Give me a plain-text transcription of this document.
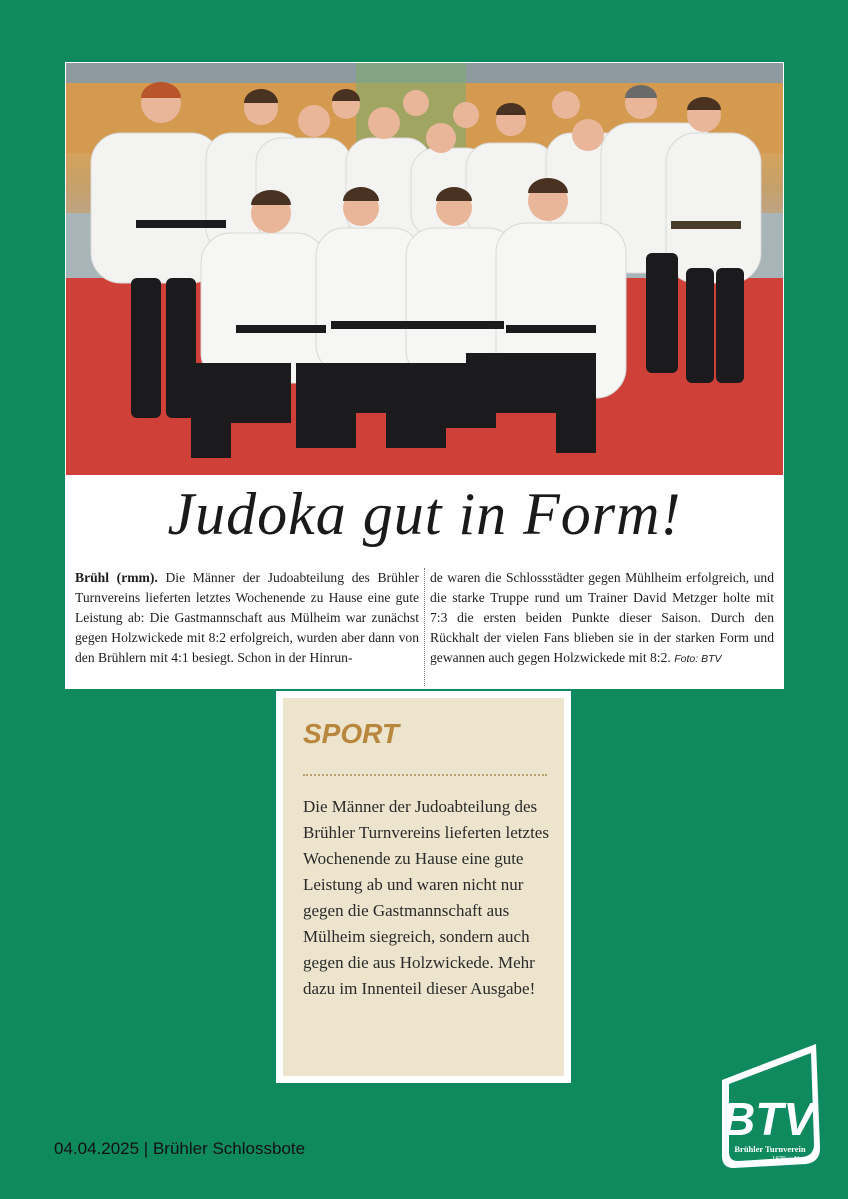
Judoka gut in Form!
Brühl (rmm). Die Männer der Judoabteilung des Brühler Turnvereins lieferten letztes Wochenende zu Hause eine gute Leistung ab: Die Gastmannschaft aus Mülheim war zunächst gegen Holzwickede mit 8:2 erfolgreich, wurden aber dann von den Brühlern mit 4:1 besiegt. Schon in der Hinrun-
de waren die Schlossstädter gegen Mühlheim erfolgreich, und die starke Truppe rund um Trainer David Metzger holte mit 7:3 die ersten beiden Punkte dieser Saison. Durch den Rückhalt der vielen Fans blieben sie in der starken Form und gewannen auch gegen Holzwickede mit 8:2. Foto: BTV
SPORT
Die Männer der Judoabteilung des Brühler Turnvereins lieferten letztes Wochenende zu Hause eine gute Leistung ab und waren nicht nur gegen die Gastmannschaft aus Mülheim siegreich, sondern auch gegen die aus Holzwickede. Mehr dazu im Innenteil dieser Ausgabe!
04.04.2025 | Brühler Schlossbote
BTV
Brühler Turnverein
1879 e. V.
